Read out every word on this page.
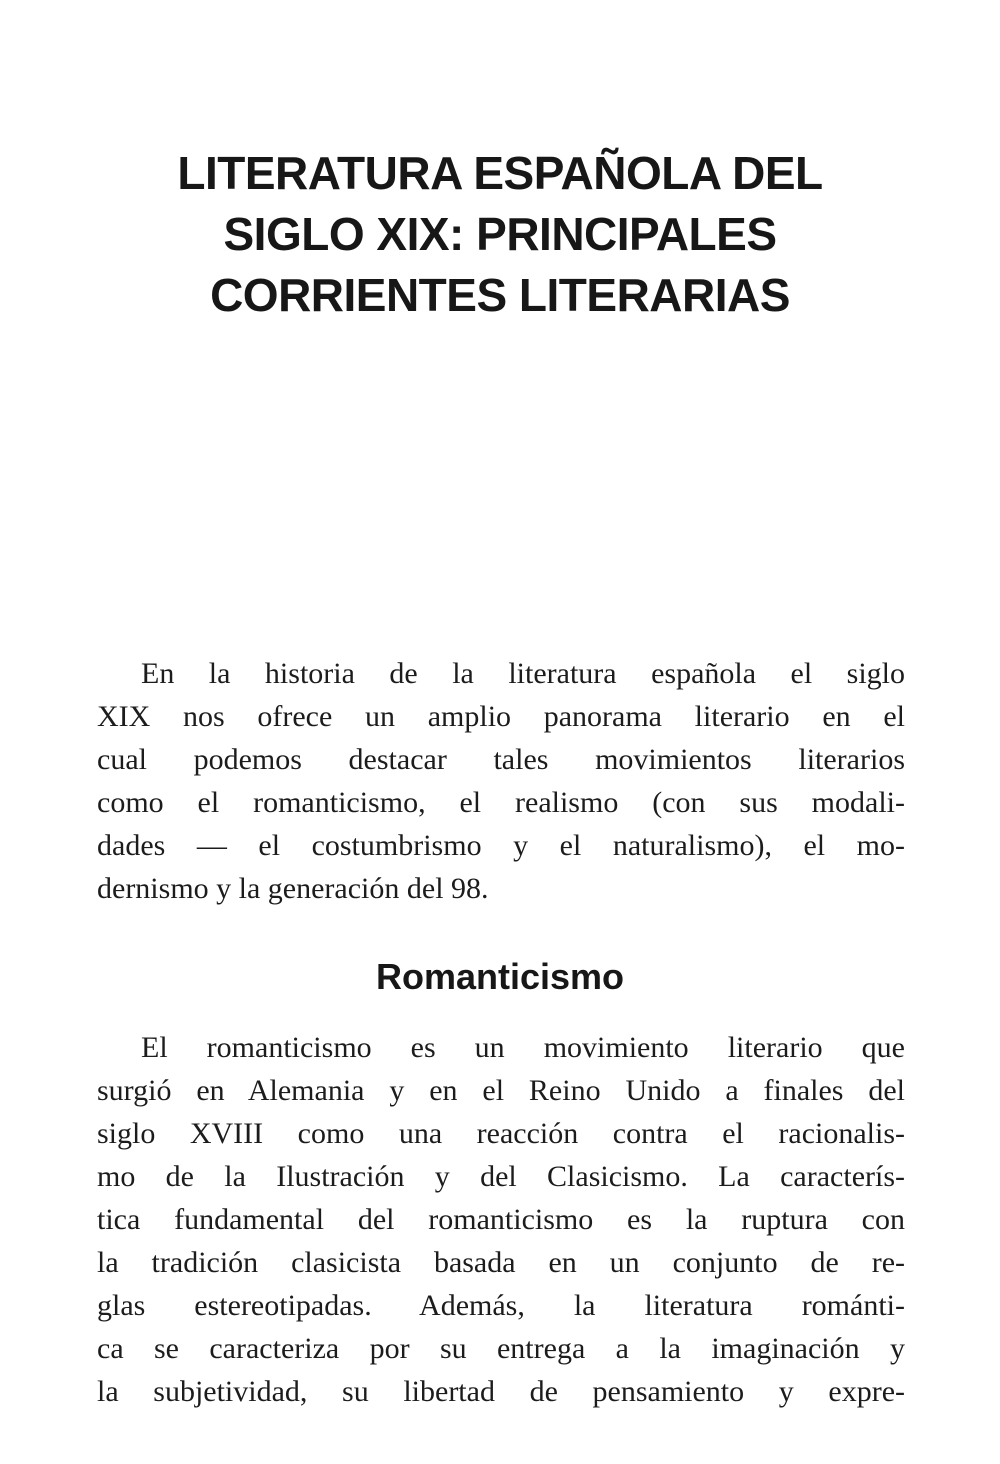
LITERATURA ESPAÑOLA DEL
SIGLO XIX: PRINCIPALES
CORRIENTES LITERARIAS
En la historia de la literatura española el siglo
XIX nos ofrece un amplio panorama literario en el
cual podemos destacar tales movimientos literarios
como el romanticismo, el realismo (con sus modali-
dades — el costumbrismo y el naturalismo), el mo-
dernismo y la generación del 98.
Romanticismo
El romanticismo es un movimiento literario que
surgió en Alemania y en el Reino Unido a finales del
siglo XVIII como una reacción contra el racionalis-
mo de la Ilustración y del Clasicismo. La caracterís-
tica fundamental del romanticismo es la ruptura con
la tradición clasicista basada en un conjunto de re-
glas estereotipadas. Además, la literatura románti-
ca se caracteriza por su entrega a la imaginación y
la subjetividad, su libertad de pensamiento y expre-
